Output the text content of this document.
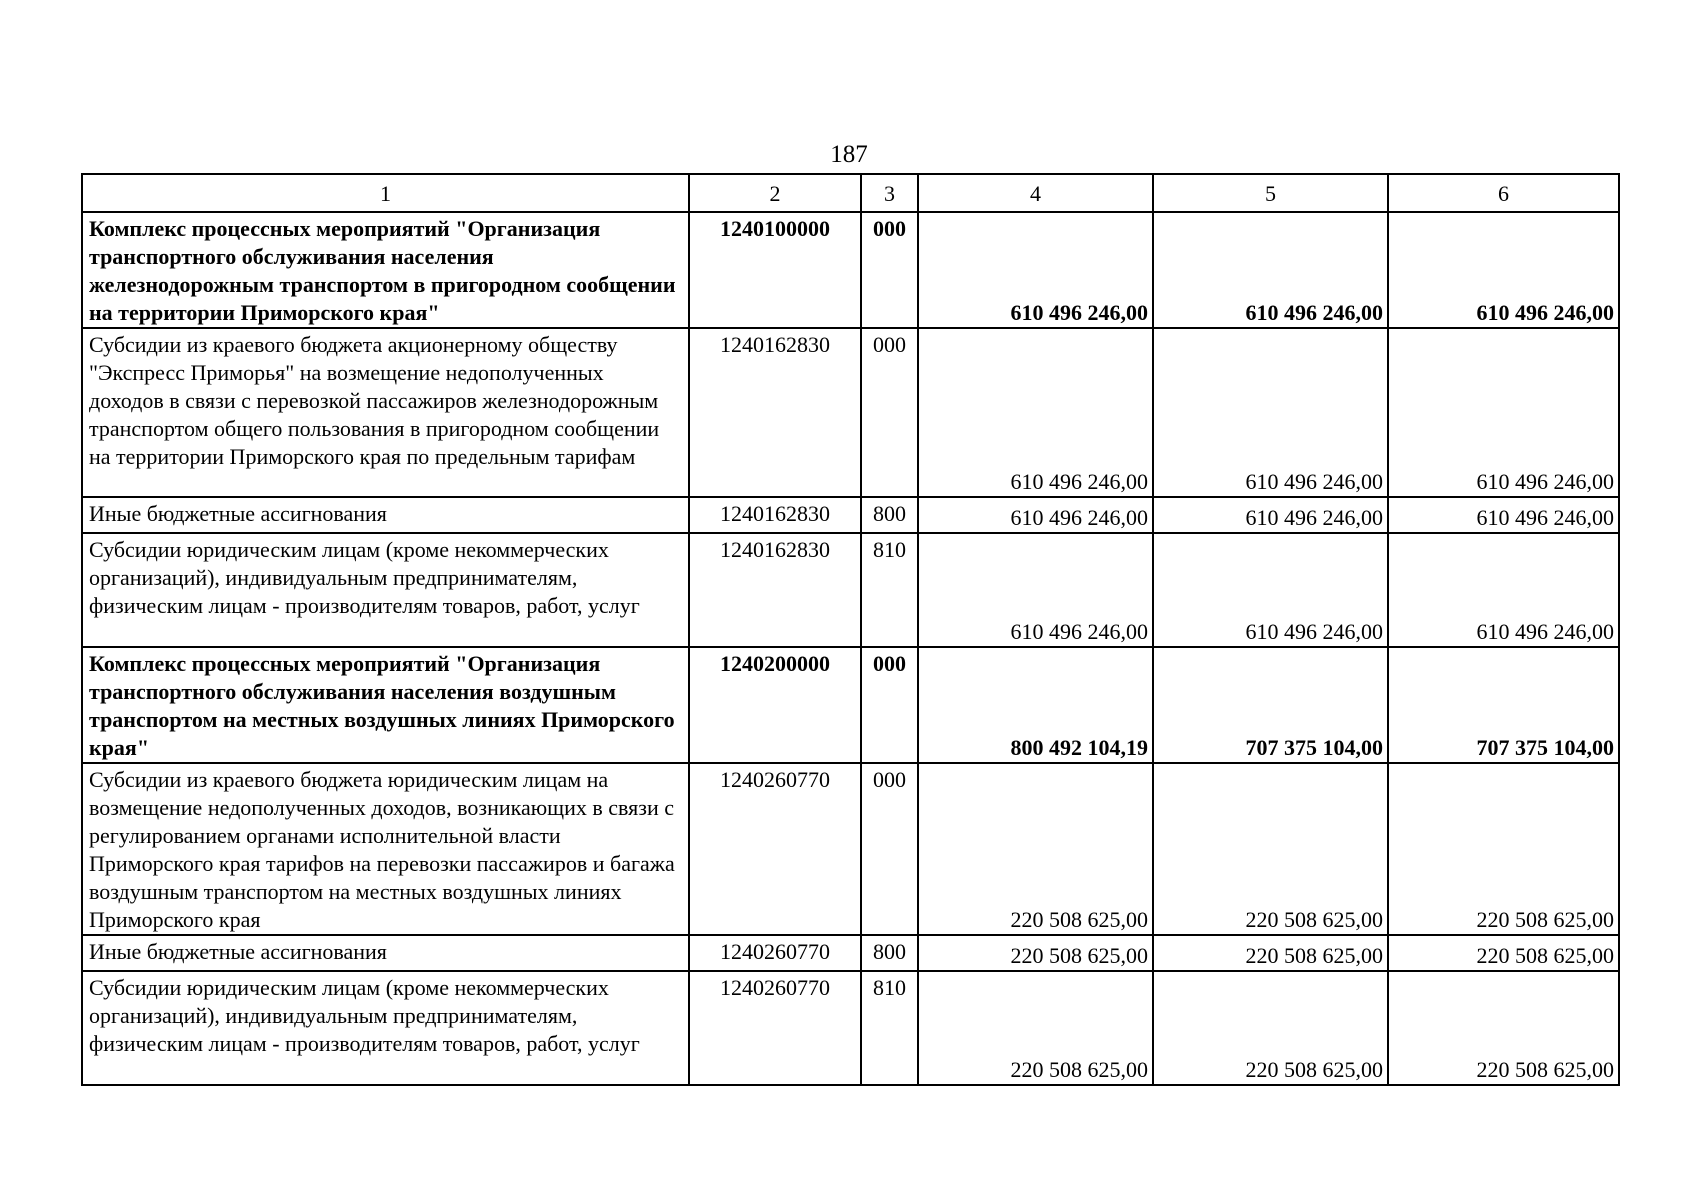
187
1	2	3	4	5	6
Комплекс процессных мероприятий "Организация транспортного обслуживания населения железнодорожным транспортом в пригородном сообщении на территории Приморского края"	1240100000	000	610 496 246,00	610 496 246,00	610 496 246,00
Субсидии из краевого бюджета акционерному обществу "Экспресс Приморья" на возмещение недополученных доходов в связи с перевозкой пассажиров железнодорожным транспортом общего пользования в пригородном сообщении на территории Приморского края по предельным тарифам	1240162830	000	610 496 246,00	610 496 246,00	610 496 246,00
Иные бюджетные ассигнования	1240162830	800	610 496 246,00	610 496 246,00	610 496 246,00
Субсидии юридическим лицам (кроме некоммерческих организаций), индивидуальным предпринимателям, физическим лицам - производителям товаров, работ, услуг	1240162830	810	610 496 246,00	610 496 246,00	610 496 246,00
Комплекс процессных мероприятий "Организация транспортного обслуживания населения воздушным транспортом на местных воздушных линиях Приморского края"	1240200000	000	800 492 104,19	707 375 104,00	707 375 104,00
Субсидии из краевого бюджета юридическим лицам на возмещение недополученных доходов, возникающих в связи с регулированием органами исполнительной власти Приморского края тарифов на перевозки пассажиров и багажа воздушным транспортом на местных воздушных линиях Приморского края	1240260770	000	220 508 625,00	220 508 625,00	220 508 625,00
Иные бюджетные ассигнования	1240260770	800	220 508 625,00	220 508 625,00	220 508 625,00
Субсидии юридическим лицам (кроме некоммерческих организаций), индивидуальным предпринимателям, физическим лицам - производителям товаров, работ, услуг	1240260770	810	220 508 625,00	220 508 625,00	220 508 625,00
